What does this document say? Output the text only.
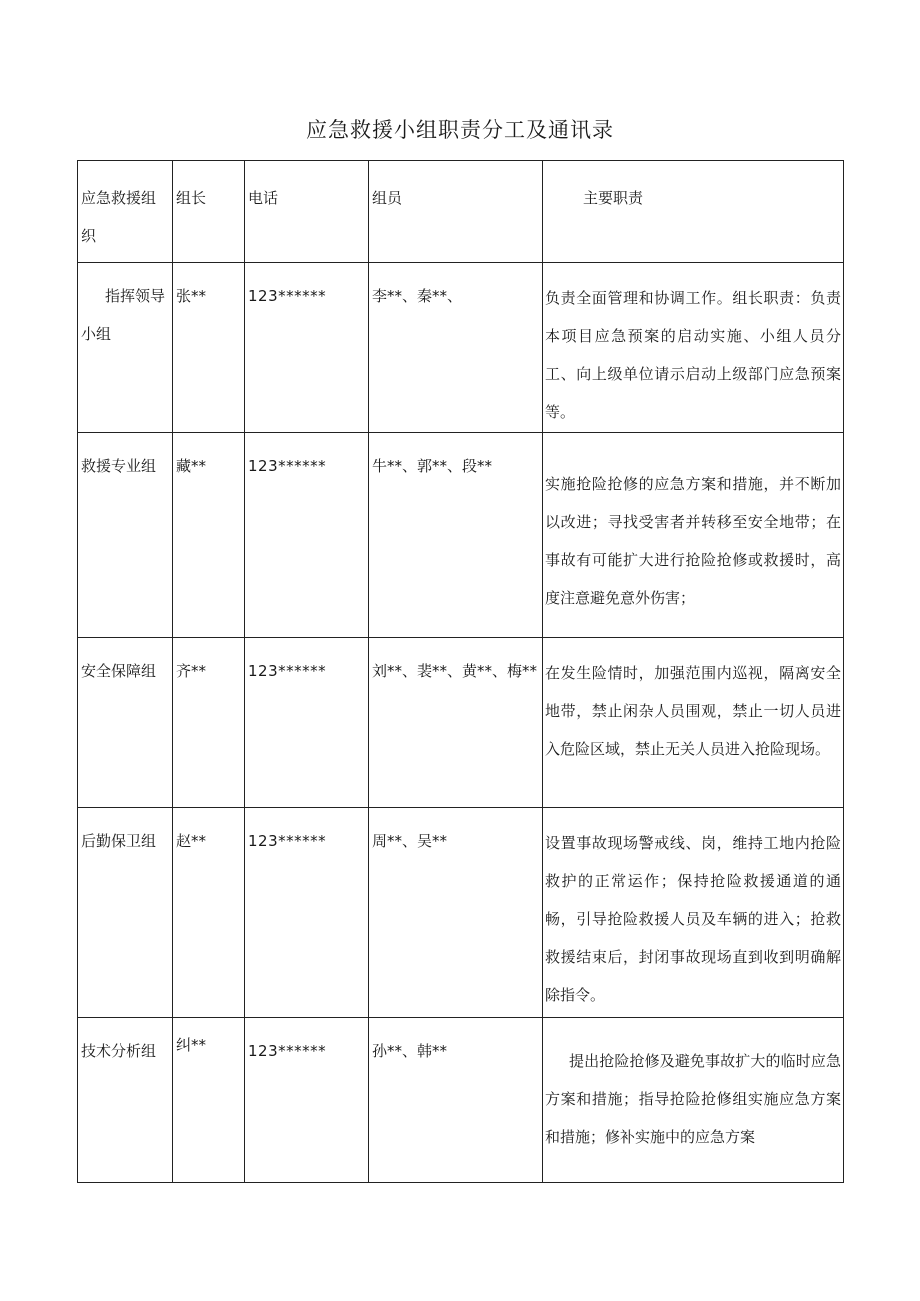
应急救援小组职责分工及通讯录
应急救援组织	组长	电话	组员	主要职责

指挥领导小组	张**	123******	李**、秦**、	负责全面管理和协调工作。组长职责：负责本项目应急预案的启动实施、小组人员分工、向上级单位请示启动上级部门应急预案等。

救援专业组	藏**	123******	牛**、郭**、段**	实施抢险抢修的应急方案和措施，并不断加以改进；寻找受害者并转移至安全地带；在事故有可能扩大进行抢险抢修或救援时，高度注意避免意外伤害；

安全保障组	齐**	123******	刘**、裴**、黄**、梅**	在发生险情时，加强范围内巡视，隔离安全地带，禁止闲杂人员围观，禁止一切人员进入危险区域，禁止无关人员进入抢险现场。

后勤保卫组	赵**	123******	周**、吴**	设置事故现场警戒线、岗，维持工地内抢险救护的正常运作；保持抢险救援通道的通畅，引导抢险救援人员及车辆的进入；抢救救援结束后，封闭事故现场直到收到明确解除指令。

技术分析组	纠**	123******	孙**、韩**	提出抢险抢修及避免事故扩大的临时应急方案和措施；指导抢险抢修组实施应急方案和措施；修补实施中的应急方案
